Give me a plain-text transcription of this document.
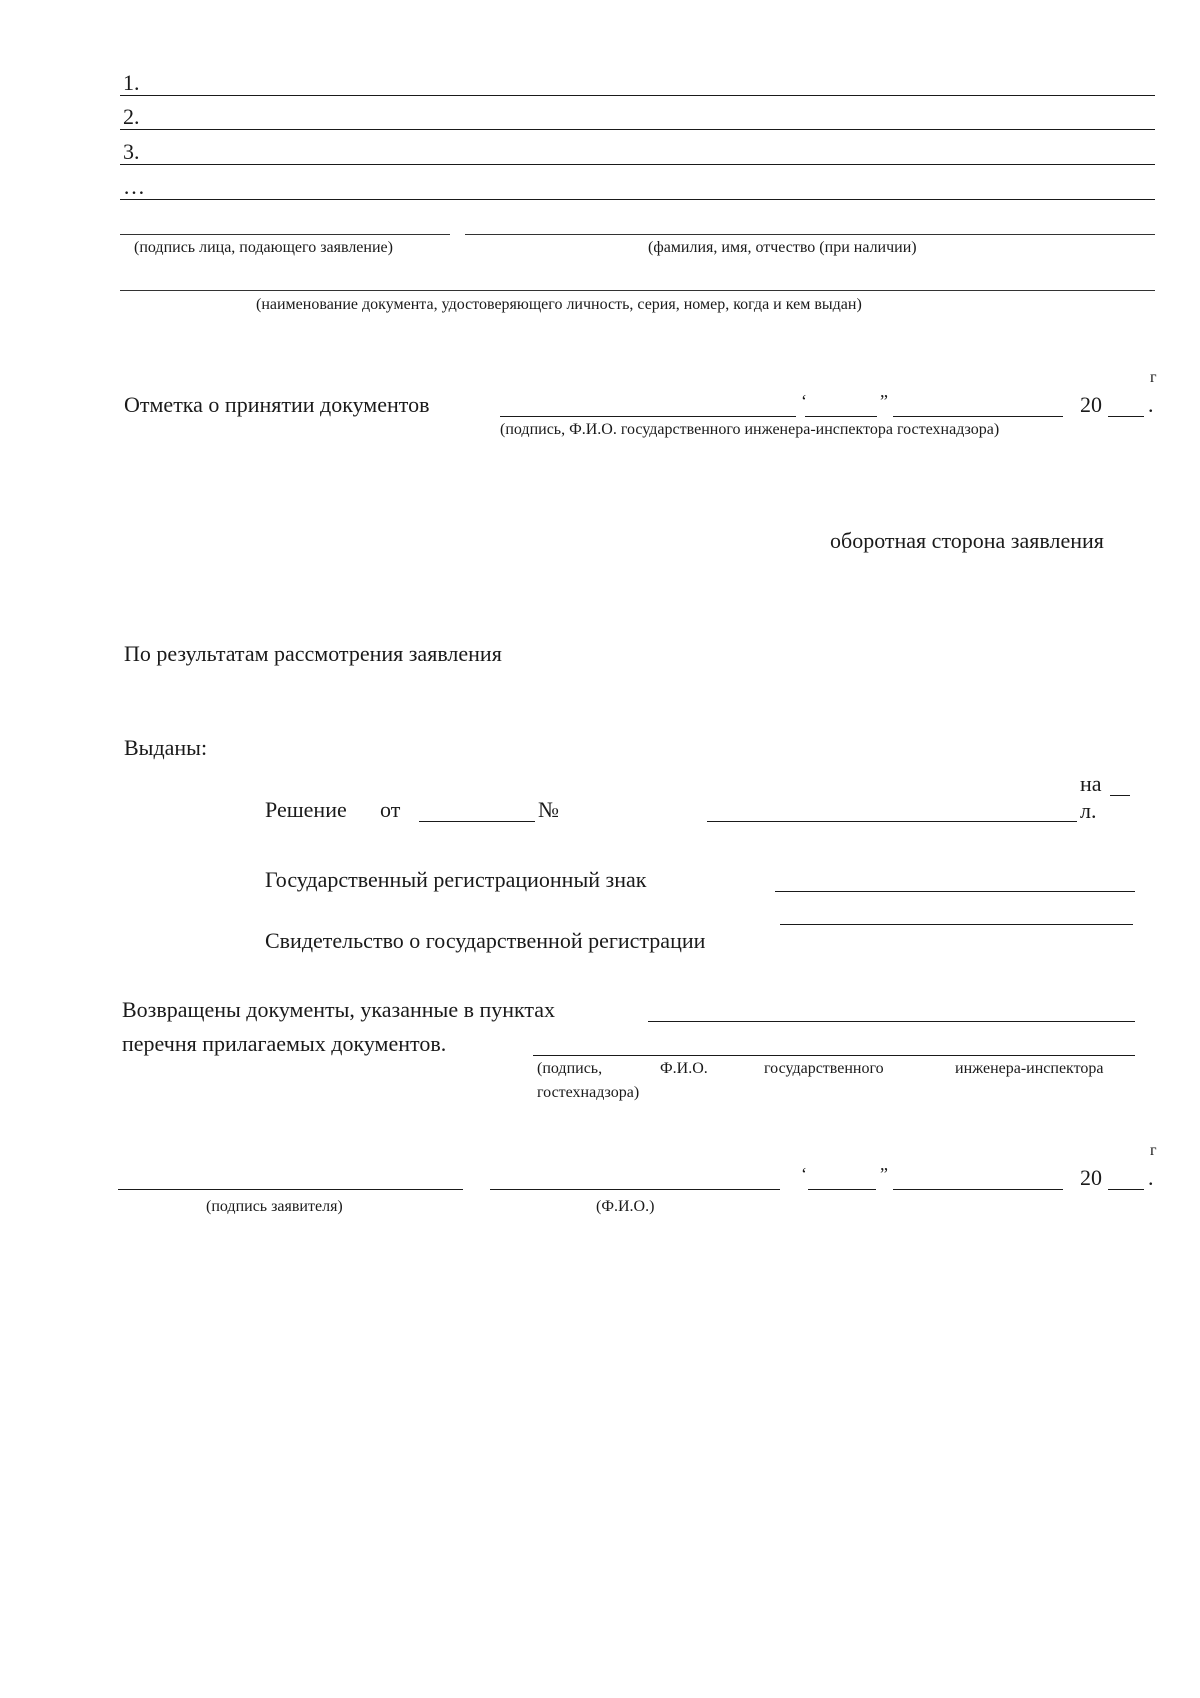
1.
2.
3.
…
(подпись лица, подающего заявление)	(фамилия, имя, отчество (при наличии)
(наименование документа, удостоверяющего личность, серия, номер, когда и кем выдан)
Отметка о принятии документов	‘	”	20 .
г
(подпись, Ф.И.О. государственного инженера-инспектора гостехнадзора)
оборотная сторона заявления
По результатам рассмотрения заявления
Выданы:
Решение от	№
на
л.
Государственный регистрационный знак
Свидетельство о государственной регистрации
Возвращены документы, указанные в пунктах
перечня прилагаемых документов.
(подпись,	Ф.И.О.	государственного	инженера-инспектора
гостехнадзора)
г
‘	”	20 .
(подпись заявителя)	(Ф.И.О.)
